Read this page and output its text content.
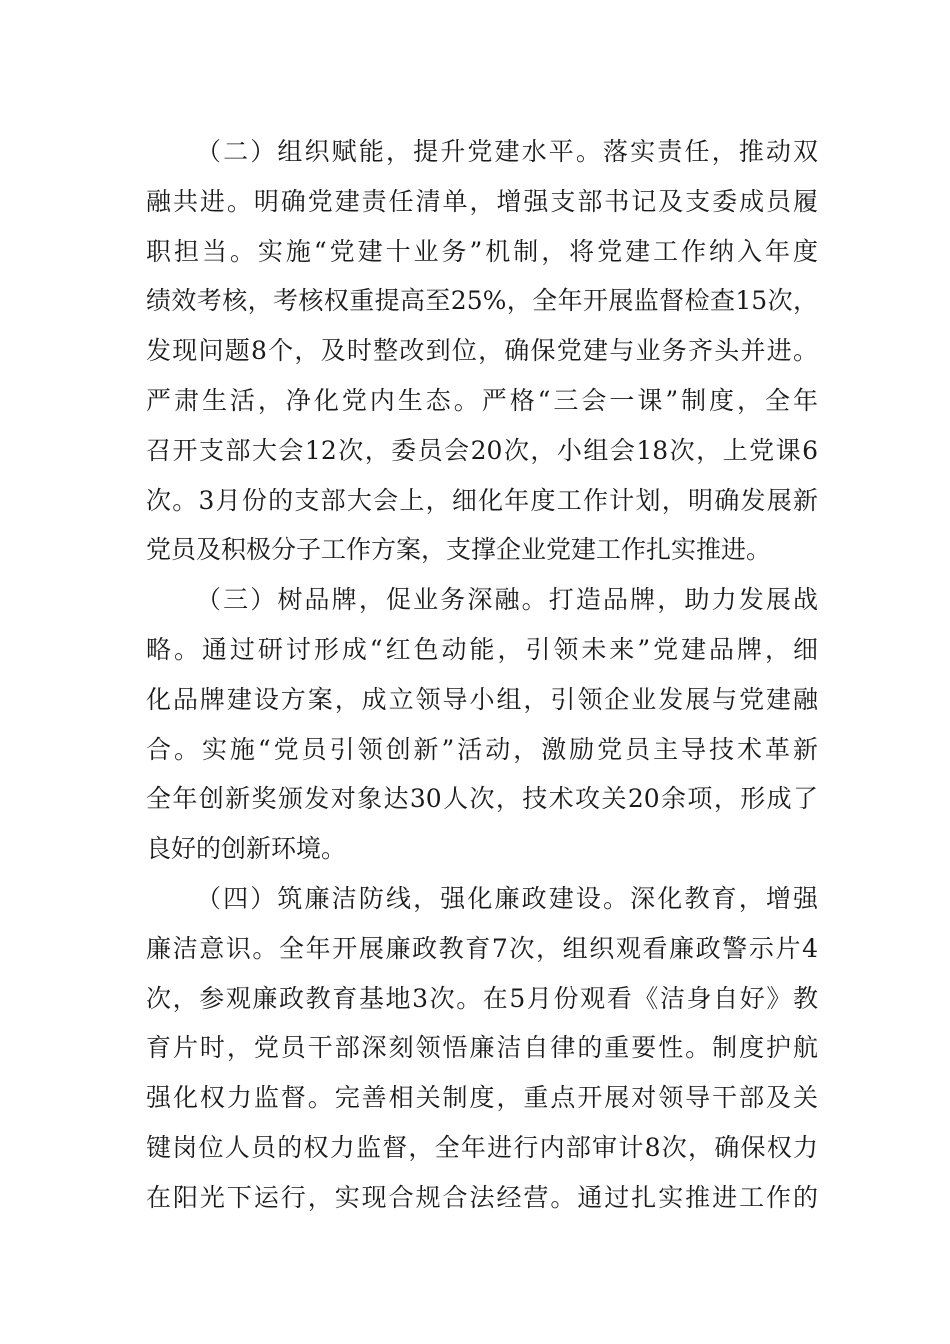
（二）组织赋能，提升党建水平。落实责任，推动双
融共进。明确党建责任清单，增强支部书记及支委成员履
职担当。实施“党建十业务”机制，将党建工作纳入年度
绩效考核，考核权重提高至25%，全年开展监督检查15次，
发现问题8个，及时整改到位，确保党建与业务齐头并进。
严肃生活，净化党内生态。严格“三会一课”制度，全年
召开支部大会12次，委员会20次，小组会18次，上党课6
次。3月份的支部大会上，细化年度工作计划，明确发展新
党员及积极分子工作方案，支撑企业党建工作扎实推进。
（三）树品牌，促业务深融。打造品牌，助力发展战
略。通过研讨形成“红色动能，引领未来”党建品牌，细
化品牌建设方案，成立领导小组，引领企业发展与党建融
合。实施“党员引领创新”活动，激励党员主导技术革新
全年创新奖颁发对象达30人次，技术攻关20余项，形成了
良好的创新环境。
（四）筑廉洁防线，强化廉政建设。深化教育，增强
廉洁意识。全年开展廉政教育7次，组织观看廉政警示片4
次，参观廉政教育基地3次。在5月份观看《洁身自好》教
育片时，党员干部深刻领悟廉洁自律的重要性。制度护航
强化权力监督。完善相关制度，重点开展对领导干部及关
键岗位人员的权力监督，全年进行内部审计8次，确保权力
在阳光下运行，实现合规合法经营。通过扎实推进工作的
